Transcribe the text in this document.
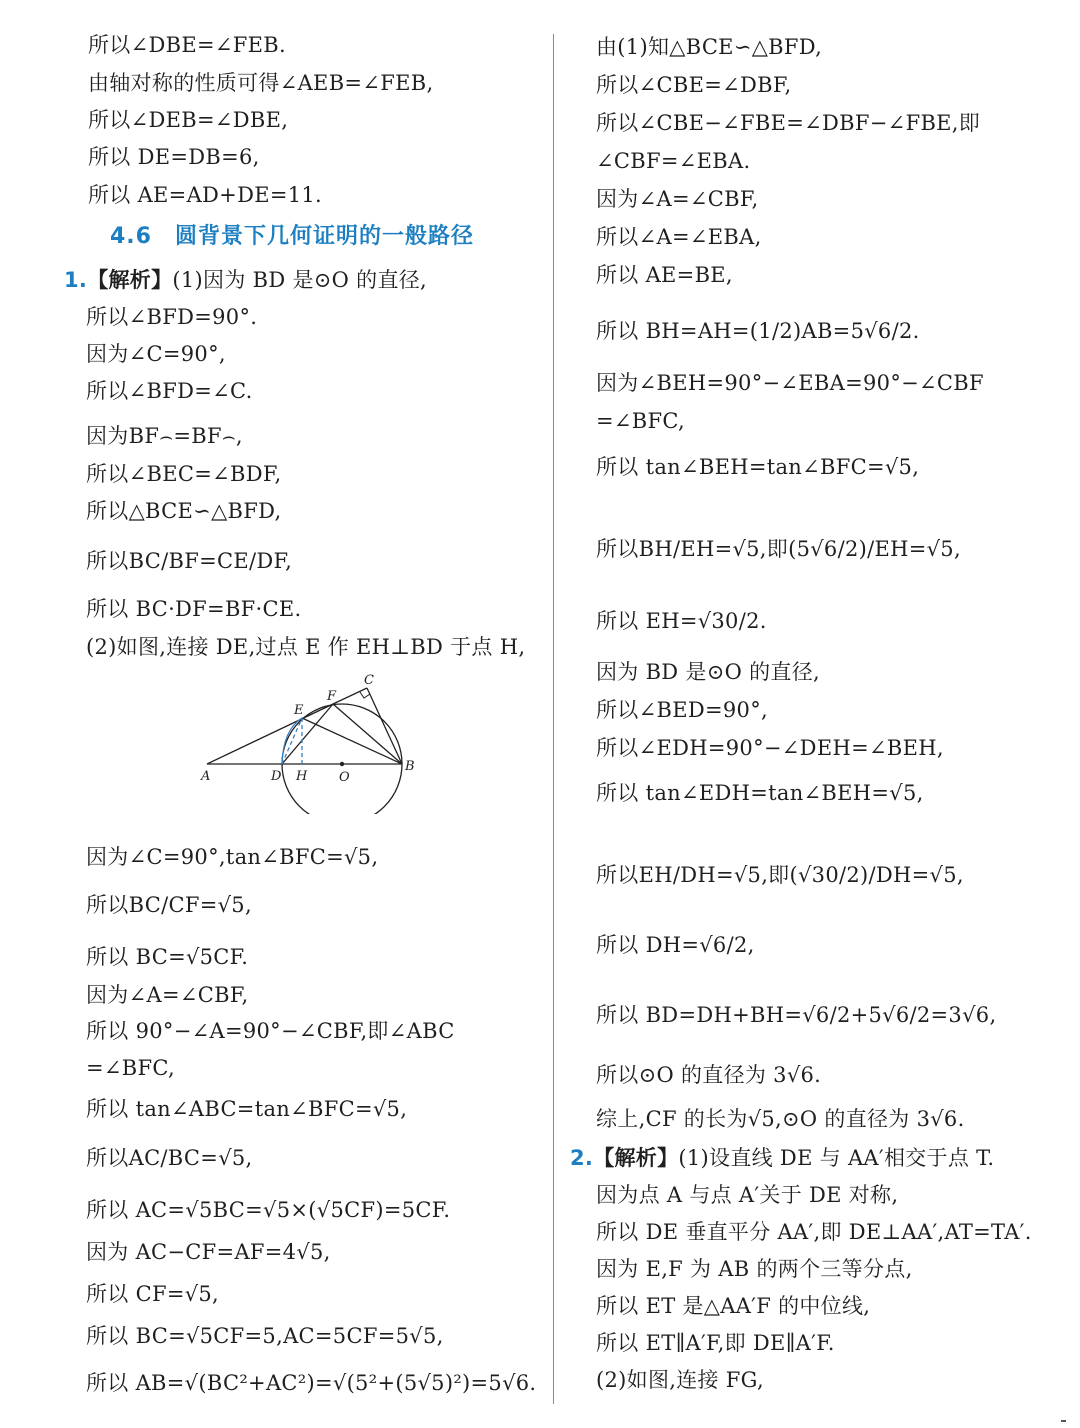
所以∠DBE=∠FEB.
由轴对称的性质可得∠AEB=∠FEB,
所以∠DEB=∠DBE,
所以 DE=DB=6,
所以 AE=AD+DE=11.
4.6　圆背景下几何证明的一般路径
1.【解析】(1)因为 BD 是⊙O 的直径,
所以∠BFD=90°.
因为∠C=90°,
所以∠BFD=∠C.
因为BF⌢=BF⌢,
所以∠BEC=∠BDF,
所以△BCE∽△BFD,
所以BC/BF=CE/DF,
所以 BC·DF=BF·CE.
(2)如图,连接 DE,过点 E 作 EH⊥BD 于点 H,
A	D H O
B
E
F
C
因为∠C=90°,tan∠BFC=√5,
所以BC/CF=√5,
所以 BC=√5CF.
因为∠A=∠CBF,
所以 90°−∠A=90°−∠CBF,即∠ABC
=∠BFC,
所以 tan∠ABC=tan∠BFC=√5,
所以AC/BC=√5,
所以 AC=√5BC=√5×(√5CF)=5CF.
因为 AC−CF=AF=4√5,
所以 CF=√5,
所以 BC=√5CF=5,AC=5CF=5√5,
所以 AB=√(BC²+AC²)=√(5²+(5√5)²)=5√6.
由(1)知△BCE∽△BFD,
所以∠CBE=∠DBF,
所以∠CBE−∠FBE=∠DBF−∠FBE,即
∠CBF=∠EBA.
因为∠A=∠CBF,
所以∠A=∠EBA,
所以 AE=BE,
所以 BH=AH=(1/2)AB=5√6/2.
因为∠BEH=90°−∠EBA=90°−∠CBF
=∠BFC,
所以 tan∠BEH=tan∠BFC=√5,
所以BH/EH=√5,即(5√6/2)/EH=√5,
所以 EH=√30/2.
因为 BD 是⊙O 的直径,
所以∠BED=90°,
所以∠EDH=90°−∠DEH=∠BEH,
所以 tan∠EDH=tan∠BEH=√5,
所以EH/DH=√5,即(√30/2)/DH=√5,
所以 DH=√6/2,
所以 BD=DH+BH=√6/2+5√6/2=3√6,
所以⊙O 的直径为 3√6.
综上,CF 的长为√5,⊙O 的直径为 3√6.
2.【解析】(1)设直线 DE 与 AA′相交于点 T.
因为点 A 与点 A′关于 DE 对称,
所以 DE 垂直平分 AA′,即 DE⊥AA′,AT=TA′.
因为 E,F 为 AB 的两个三等分点,
所以 ET 是△AA′F 的中位线,
所以 ET∥A′F,即 DE∥A′F.
(2)如图,连接 FG,
